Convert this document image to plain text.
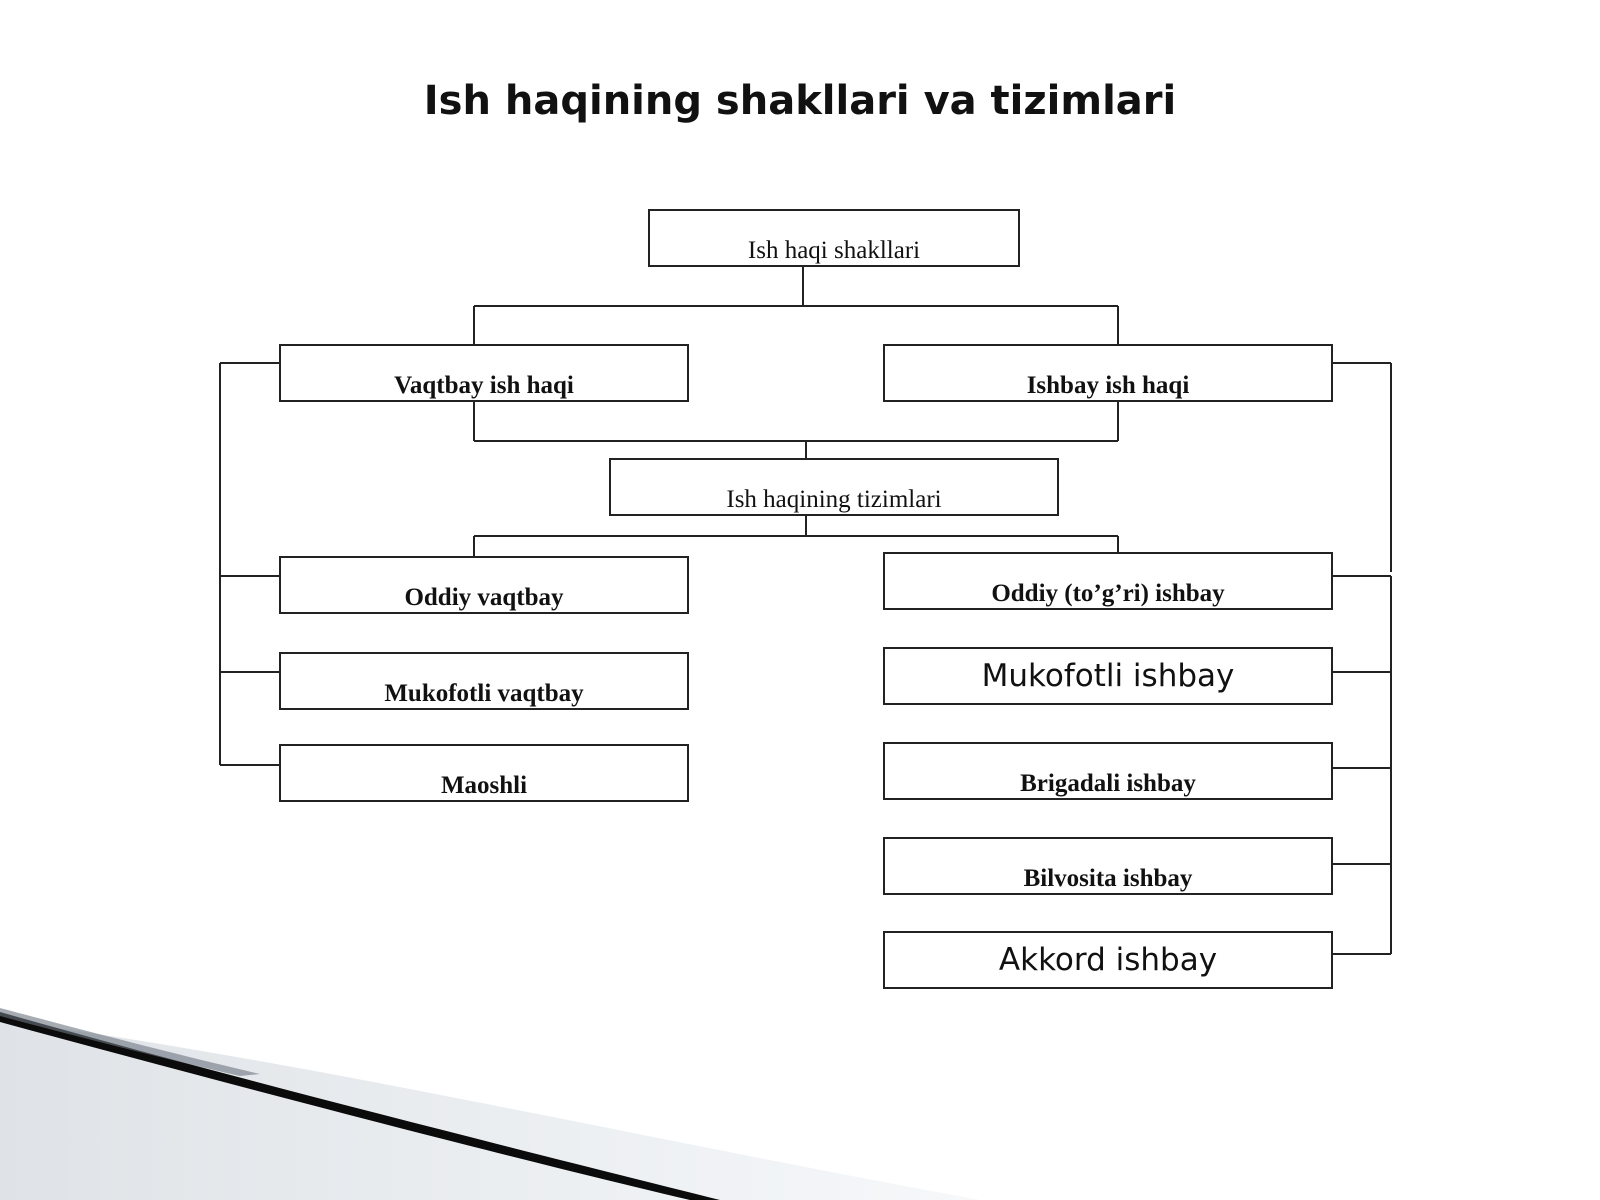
Ish haqining shakllari va tizimlari
Ish haqi shakllari
Vaqtbay ish haqi	Ishbay ish haqi
Ish haqining tizimlari
Oddiy vaqtbay
Mukofotli vaqtbay
Maoshli
Oddiy (to’g’ri) ishbay
Mukofotli ishbay
Brigadali ishbay
Bilvosita ishbay
Akkord ishbay
